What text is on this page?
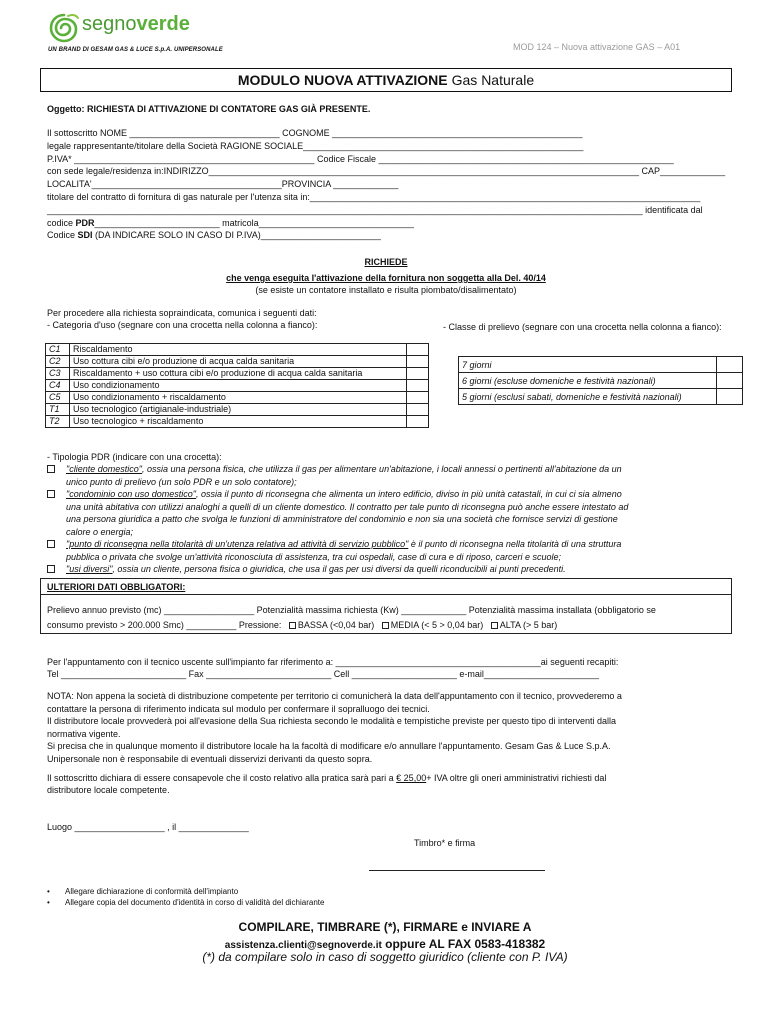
segnoverde
UN BRAND DI GESAM GAS & LUCE S.p.A. UNIPERSONALE	MOD 124 – Nuova attivazione GAS – A01
MODULO NUOVA ATTIVAZIONE Gas Naturale
Oggetto: RICHIESTA DI ATTIVAZIONE DI CONTATORE GAS GIÀ PRESENTE.
Il sottoscritto NOME ______________________________ COGNOME __________________________________________________
legale rappresentante/titolare della Società RAGIONE SOCIALE________________________________________________________
P.IVA* ________________________________________________ Codice Fiscale ___________________________________________________________
con sede legale/residenza in:INDIRIZZO______________________________________________________________________________________ CAP_____________
LOCALITA'______________________________________PROVINCIA _____________
titolare del contratto di fornitura di gas naturale per l'utenza sita in:______________________________________________________________________________
_______________________________________________________________________________________________________________________ identificata dal
codice PDR_________________________ matricola_______________________________
Codice SDI (DA INDICARE SOLO IN CASO DI P.IVA)________________________
RICHIEDE
che venga eseguita l'attivazione della fornitura non soggetta alla Del. 40/14
(se esiste un contatore installato e risulta piombato/disalimentato)
Per procedere alla richiesta sopraindicata, comunica i seguenti dati:
- Categoria d'uso (segnare con una crocetta nella colonna a fianco):	- Classe di prelievo (segnare con una crocetta nella colonna a fianco):
C1	Riscaldamento	
C2	Uso cottura cibi e/o produzione di acqua calda sanitaria	
C3	Riscaldamento + uso cottura cibi e/o produzione di acqua calda sanitaria	
C4	Uso condizionamento	
C5	Uso condizionamento + riscaldamento	
T1	Uso tecnologico (artigianale-industriale)	
T2	Uso tecnologico + riscaldamento	
7 giorni	
6 giorni (escluse domeniche e festività nazionali)	
5 giorni (esclusi sabati, domeniche e festività nazionali)	
- Tipologia PDR (indicare con una crocetta):
"cliente domestico", ossia una persona fisica, che utilizza il gas per alimentare un'abitazione, i locali annessi o pertinenti all'abitazione da un
unico punto di prelievo (un solo PDR e un solo contatore);
"condominio con uso domestico", ossia il punto di riconsegna che alimenta un intero edificio, diviso in più unità catastali, in cui ci sia almeno
una unità abitativa con utilizzi analoghi a quelli di un cliente domestico. Il contratto per tale punto di riconsegna può anche essere intestato ad
una persona giuridica a patto che svolga le funzioni di amministratore del condominio e non sia una società che fornisce servizi di gestione
calore o energia;
"punto di riconsegna nella titolarità di un'utenza relativa ad attività di servizio pubblico" è il punto di riconsegna nella titolarità di una struttura
pubblica o privata che svolge un'attività riconosciuta di assistenza, tra cui ospedali, case di cura e di riposo, carceri e scuole;
"usi diversi", ossia un cliente, persona fisica o giuridica, che usa il gas per usi diversi da quelli riconducibili ai punti precedenti.
ULTERIORI DATI OBBLIGATORI:
Prelievo annuo previsto (mc) __________________ Potenzialità massima richiesta (Kw) _____________ Potenzialità massima installata (obbligatorio se
consumo previsto > 200.000 Smc) __________ Pressione: BASSA (<0,04 bar) MEDIA (< 5 > 0,04 bar) ALTA (> 5 bar)
Per l'appuntamento con il tecnico uscente sull'impianto far riferimento a: _________________________________________ai seguenti recapiti:
Tel _________________________ Fax _________________________ Cell _____________________ e-mail_______________________
NOTA: Non appena la società di distribuzione competente per territorio ci comunicherà la data dell'appuntamento con il tecnico, provvederemo a
contattare la persona di riferimento indicata sul modulo per confermare il sopralluogo dei tecnici.
Il distributore locale provvederà poi all'evasione della Sua richiesta secondo le modalità e tempistiche previste per questo tipo di interventi dalla
normativa vigente.
Si precisa che in qualunque momento il distributore locale ha la facoltà di modificare e/o annullare l'appuntamento. Gesam Gas & Luce S.p.A.
Unipersonale non è responsabile di eventuali disservizi derivanti da questo sopra.
Il sottoscritto dichiara di essere consapevole che il costo relativo alla pratica sarà pari a € 25,00+ IVA oltre gli oneri amministrativi richiesti dal
distributore locale competente.
Luogo __________________ , il ______________
Timbro* e firma
• Allegare dichiarazione di conformità dell'impianto
• Allegare copia del documento d'identità in corso di validità del dichiarante
COMPILARE, TIMBRARE (*), FIRMARE e INVIARE A
assistenza.clienti@segnoverde.it oppure AL FAX 0583-418382
(*) da compilare solo in caso di soggetto giuridico (cliente con P. IVA)
